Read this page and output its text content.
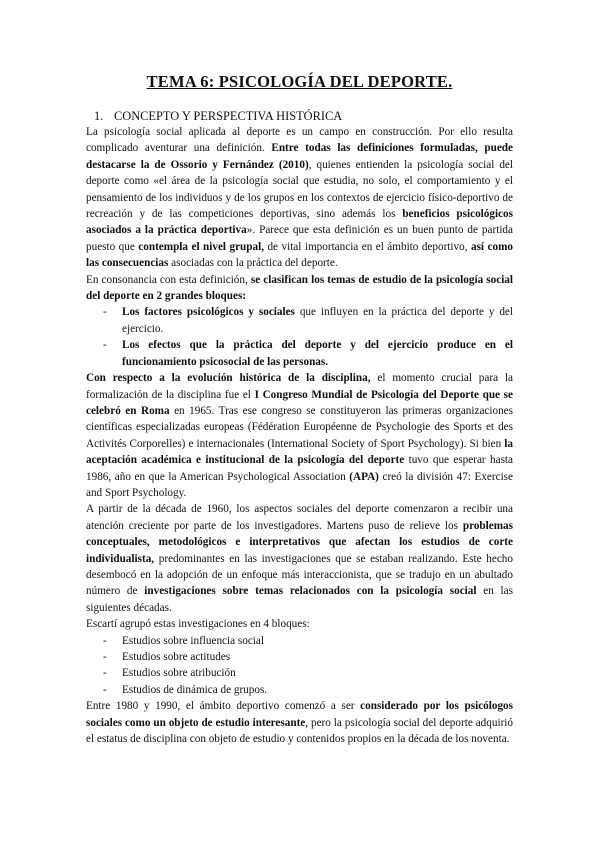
TEMA 6: PSICOLOGÍA DEL DEPORTE.
1. CONCEPTO Y PERSPECTIVA HISTÓRICA

La psicología social aplicada al deporte es un campo en construcción. Por ello resulta complicado aventurar una definición. Entre todas las definiciones formuladas, puede destacarse la de Ossorio y Fernández (2010), quienes entienden la psicología social del deporte como «el área de la psicología social que estudia, no solo, el comportamiento y el pensamiento de los individuos y de los grupos en los contextos de ejercicio físico-deportivo de recreación y de las competiciones deportivas, sino además los beneficios psicológicos asociados a la práctica deportiva». Parece que esta definición es un buen punto de partida puesto que contempla el nivel grupal, de vital importancia en el ámbito deportivo, así como las consecuencias asociadas con la práctica del deporte.

En consonancia con esta definición, se clasifican los temas de estudio de la psicología social del deporte en 2 grandes bloques:

- Los factores psicológicos y sociales que influyen en la práctica del deporte y del ejercicio.
- Los efectos que la práctica del deporte y del ejercicio produce en el funcionamiento psicosocial de las personas.

Con respecto a la evolución histórica de la disciplina, el momento crucial para la formalización de la disciplina fue el I Congreso Mundial de Psicología del Deporte que se celebró en Roma en 1965. Tras ese congreso se constituyeron las primeras organizaciones científicas especializadas europeas (Fédération Européenne de Psychologie des Sports et des Activités Corporelles) e internacionales (International Society of Sport Psychology). Si bien la aceptación académica e institucional de la psicología del deporte tuvo que esperar hasta 1986, año en que la American Psychological Association (APA) creó la división 47: Exercise and Sport Psychology.

A partir de la década de 1960, los aspectos sociales del deporte comenzaron a recibir una atención creciente por parte de los investigadores. Martens puso de relieve los problemas conceptuales, metodológicos e interpretativos que afectan los estudios de corte individualista, predominantes en las investigaciones que se estaban realizando. Este hecho desembocó en la adopción de un enfoque más interaccionista, que se tradujo en un abultado número de investigaciones sobre temas relacionados con la psicología social en las siguientes décadas.

Escartí agrupó estas investigaciones en 4 bloques:

- Estudios sobre influencia social
- Estudios sobre actitudes
- Estudios sobre atribución
- Estudios de dinámica de grupos.

Entre 1980 y 1990, el ámbito deportivo comenzó a ser considerado por los psicólogos sociales como un objeto de estudio interesante, pero la psicología social del deporte adquirió el estatus de disciplina con objeto de estudio y contenidos propios en la década de los noventa.
